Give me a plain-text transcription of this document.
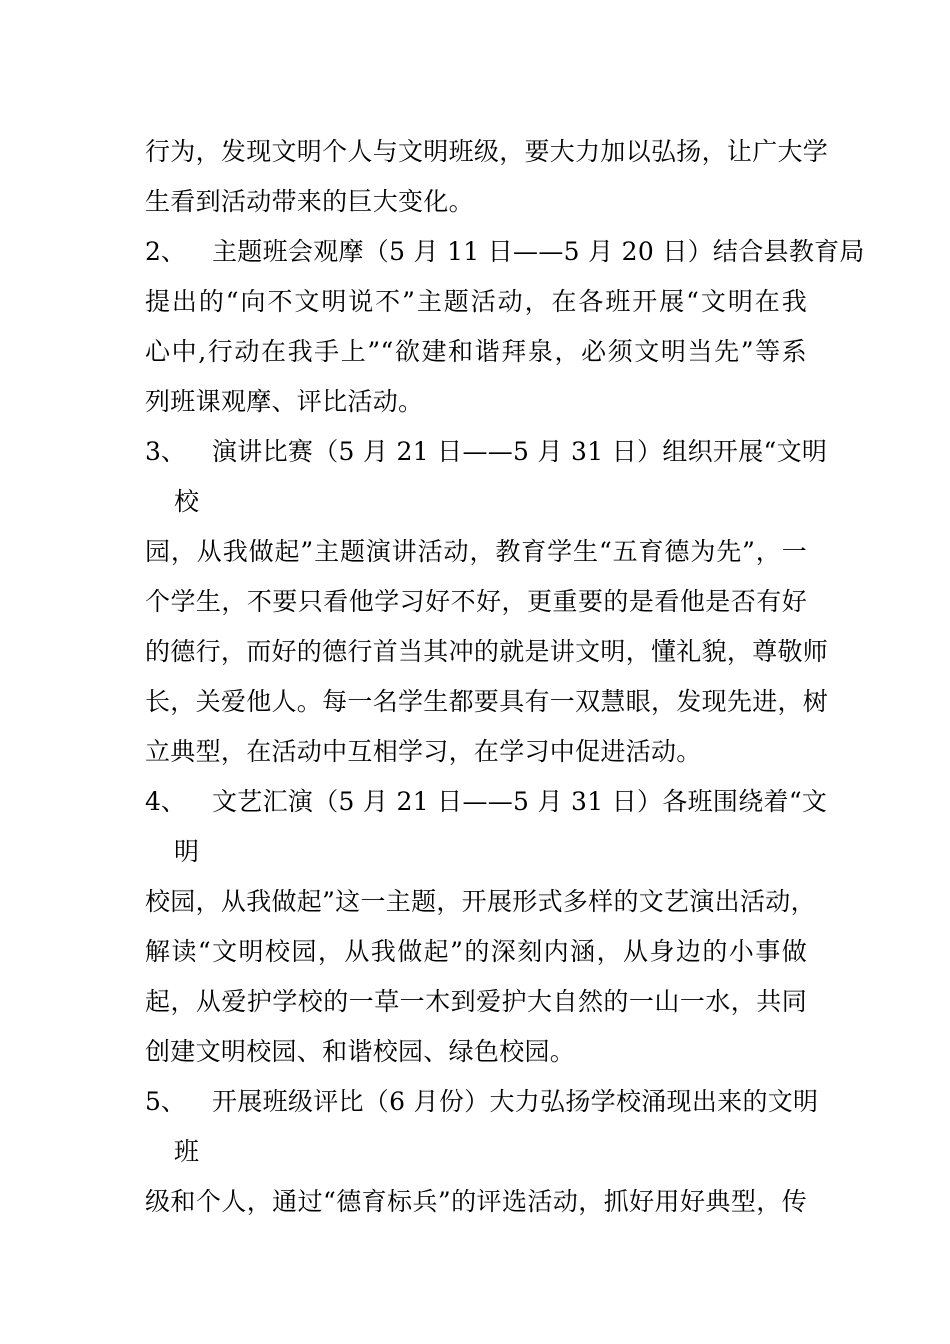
行为，发现文明个人与文明班级，要大力加以弘扬，让广大学
生看到活动带来的巨大变化。
2、 主题班会观摩（5 月 11 日——5 月 20 日）结合县教育局
提出的“向不文明说不”主题活动，在各班开展“文明在我
心中,行动在我手上”“欲建和谐拜泉，必须文明当先”等系
列班课观摩、评比活动。
3、 演讲比赛（5 月 21 日——5 月 31 日）组织开展“文明
校
园，从我做起”主题演讲活动，教育学生“五育德为先”，一
个学生，不要只看他学习好不好，更重要的是看他是否有好
的德行，而好的德行首当其冲的就是讲文明，懂礼貌，尊敬师
长，关爱他人。每一名学生都要具有一双慧眼，发现先进，树
立典型，在活动中互相学习，在学习中促进活动。
4、 文艺汇演（5 月 21 日——5 月 31 日）各班围绕着“文
明
校园，从我做起”这一主题，开展形式多样的文艺演出活动，
解读“文明校园，从我做起”的深刻内涵，从身边的小事做
起，从爱护学校的一草一木到爱护大自然的一山一水，共同
创建文明校园、和谐校园、绿色校园。
5、 开展班级评比（6 月份）大力弘扬学校涌现出来的文明
班
级和个人，通过“德育标兵”的评选活动，抓好用好典型，传
